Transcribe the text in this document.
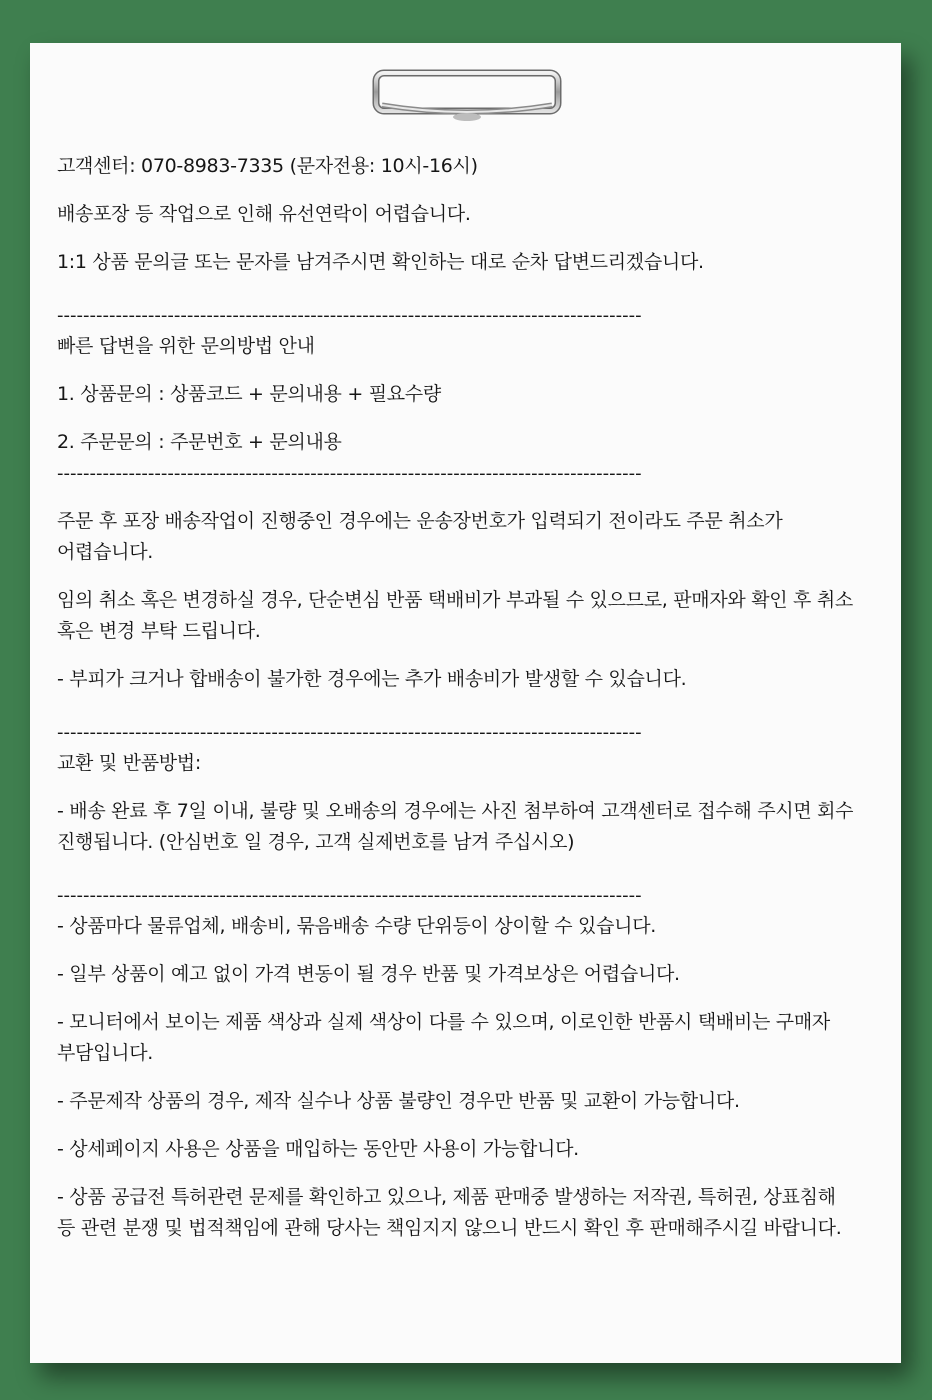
고객센터: 070-8983-7335 (문자전용: 10시-16시)

배송포장 등 작업으로 인해 유선연락이 어렵습니다.

1:1 상품 문의글 또는 문자를 남겨주시면 확인하는 대로 순차 답변드리겠습니다.

------------------------------------------------------------------------------------------

빠른 답변을 위한 문의방법 안내

1. 상품문의 : 상품코드 + 문의내용 + 필요수량

2. 주문문의 : 주문번호 + 문의내용

------------------------------------------------------------------------------------------

주문 후 포장 배송작업이 진행중인 경우에는 운송장번호가 입력되기 전이라도 주문 취소가 어렵습니다.

임의 취소 혹은 변경하실 경우, 단순변심 반품 택배비가 부과될 수 있으므로, 판매자와 확인 후 취소 혹은 변경 부탁 드립니다.

- 부피가 크거나 합배송이 불가한 경우에는 추가 배송비가 발생할 수 있습니다.

------------------------------------------------------------------------------------------

교환 및 반품방법:

- 배송 완료 후 7일 이내, 불량 및 오배송의 경우에는 사진 첨부하여 고객센터로 접수해 주시면 회수 진행됩니다. (안심번호 일 경우, 고객 실제번호를 남겨 주십시오)

------------------------------------------------------------------------------------------

- 상품마다 물류업체, 배송비, 묶음배송 수량 단위등이 상이할 수 있습니다.

- 일부 상품이 예고 없이 가격 변동이 될 경우 반품 및 가격보상은 어렵습니다.

- 모니터에서 보이는 제품 색상과 실제 색상이 다를 수 있으며, 이로인한 반품시 택배비는 구매자 부담입니다.

- 주문제작 상품의 경우, 제작 실수나 상품 불량인 경우만 반품 및 교환이 가능합니다.

- 상세페이지 사용은 상품을 매입하는 동안만 사용이 가능합니다.

- 상품 공급전 특허관련 문제를 확인하고 있으나, 제품 판매중 발생하는 저작권, 특허권, 상표침해 등 관련 분쟁 및 법적책임에 관해 당사는 책임지지 않으니 반드시 확인 후 판매해주시길 바랍니다.
